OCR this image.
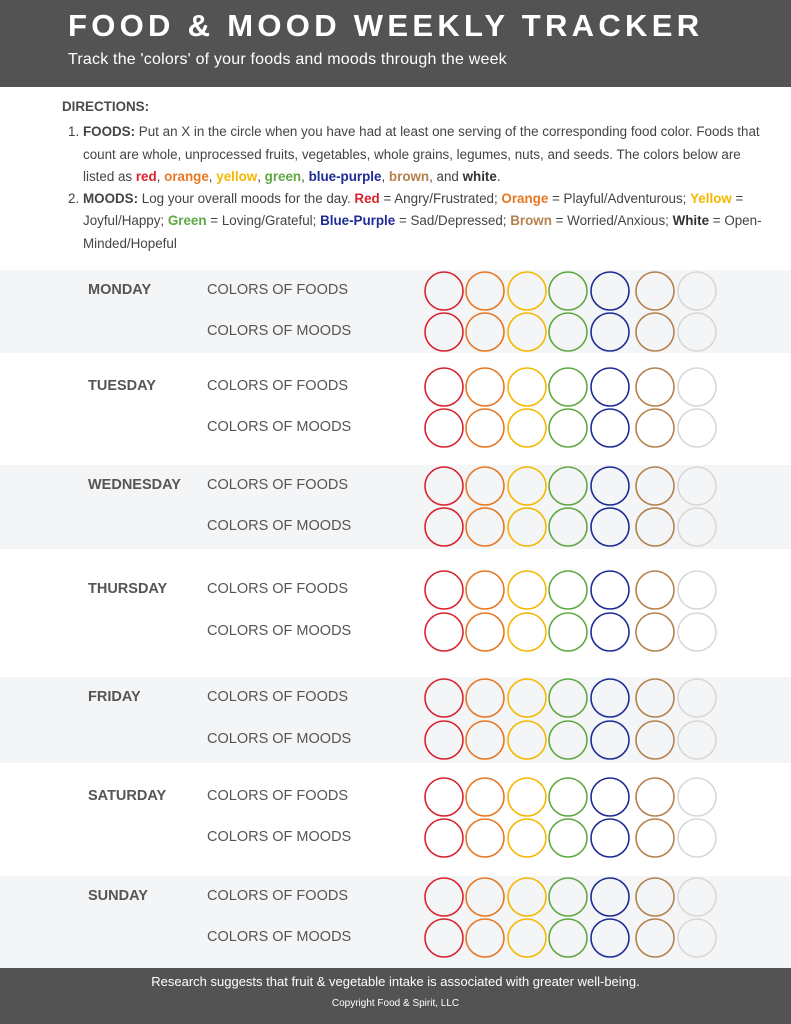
FOOD & MOOD WEEKLY TRACKER
Track the 'colors' of your foods and moods through the week
DIRECTIONS:
1. FOODS: Put an X in the circle when you have had at least one serving of the corresponding food color. Foods that count are whole, unprocessed fruits, vegetables, whole grains, legumes, nuts, and seeds. The colors below are listed as red, orange, yellow, green, blue-purple, brown, and white.
2. MOODS: Log your overall moods for the day. Red = Angry/Frustrated; Orange = Playful/Adventurous; Yellow = Joyful/Happy; Green = Loving/Grateful; Blue-Purple = Sad/Depressed; Brown = Worried/Anxious; White = Open-Minded/Hopeful
MONDAY	COLORS OF FOODS
COLORS OF MOODS
TUESDAY	COLORS OF FOODS
COLORS OF MOODS
WEDNESDAY COLORS OF FOODS
COLORS OF MOODS
THURSDAY	COLORS OF FOODS
COLORS OF MOODS
FRIDAY	COLORS OF FOODS
COLORS OF MOODS
SATURDAY	COLORS OF FOODS
COLORS OF MOODS
SUNDAY	COLORS OF FOODS
COLORS OF MOODS
Research suggests that fruit & vegetable intake is associated with greater well-being.
Copyright Food & Spirit, LLC
